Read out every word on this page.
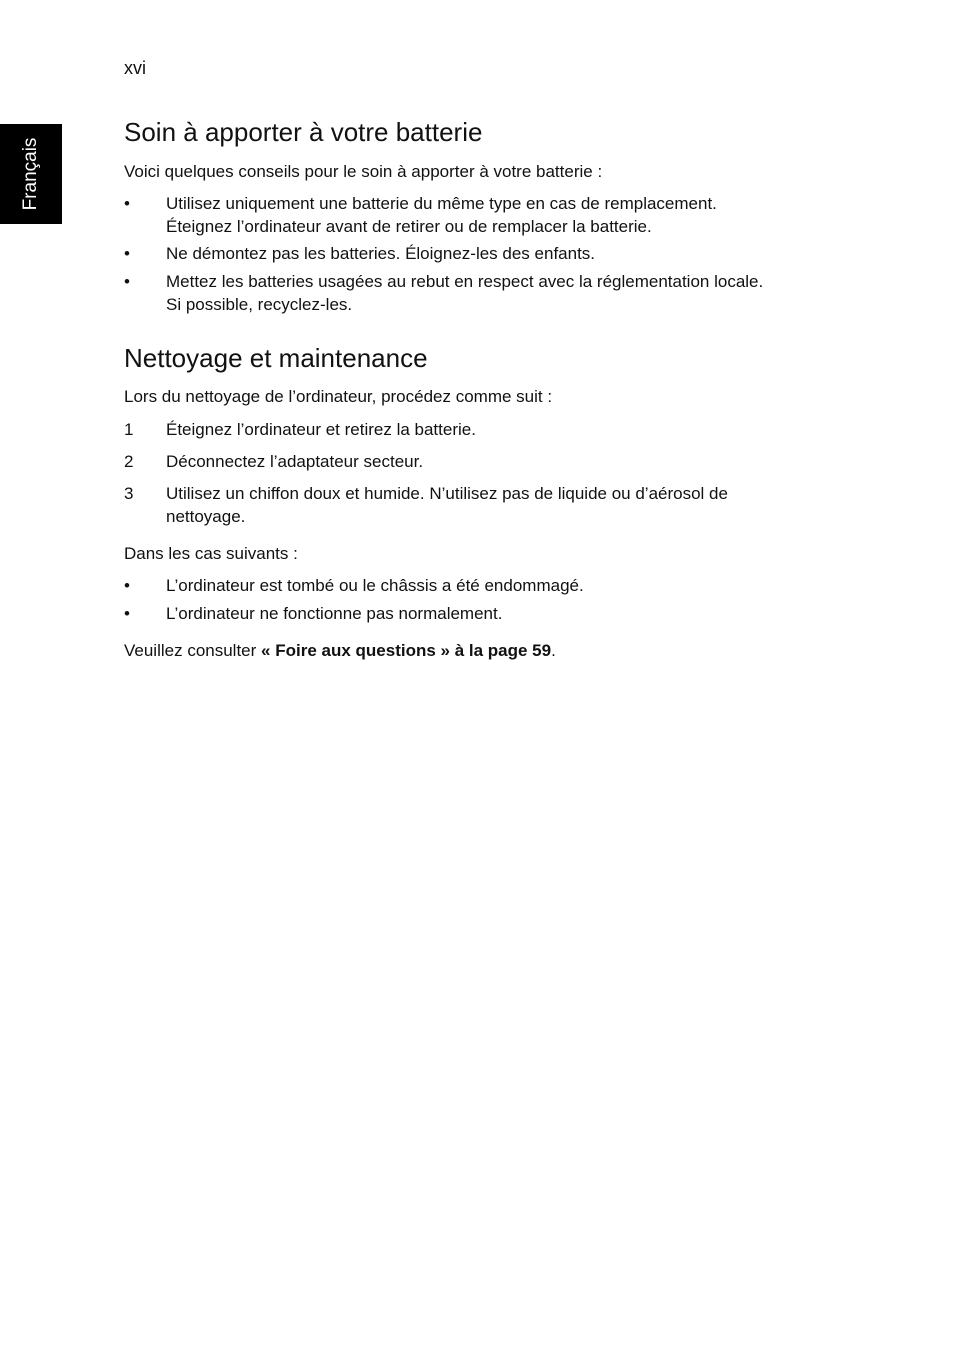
xvi
Français
Soin à apporter à votre batterie

Voici quelques conseils pour le soin à apporter à votre batterie :

• Utilisez uniquement une batterie du même type en cas de remplacement.
Éteignez l’ordinateur avant de retirer ou de remplacer la batterie.
• Ne démontez pas les batteries. Éloignez-les des enfants.
• Mettez les batteries usagées au rebut en respect avec la réglementation locale.
Si possible, recyclez-les.
Nettoyage et maintenance

Lors du nettoyage de l’ordinateur, procédez comme suit :

1 Éteignez l’ordinateur et retirez la batterie.
2 Déconnectez l’adaptateur secteur.
3 Utilisez un chiffon doux et humide. N’utilisez pas de liquide ou d’aérosol de
nettoyage.

Dans les cas suivants :

• L’ordinateur est tombé ou le châssis a été endommagé.
• L’ordinateur ne fonctionne pas normalement.

Veuillez consulter « Foire aux questions » à la page 59.
